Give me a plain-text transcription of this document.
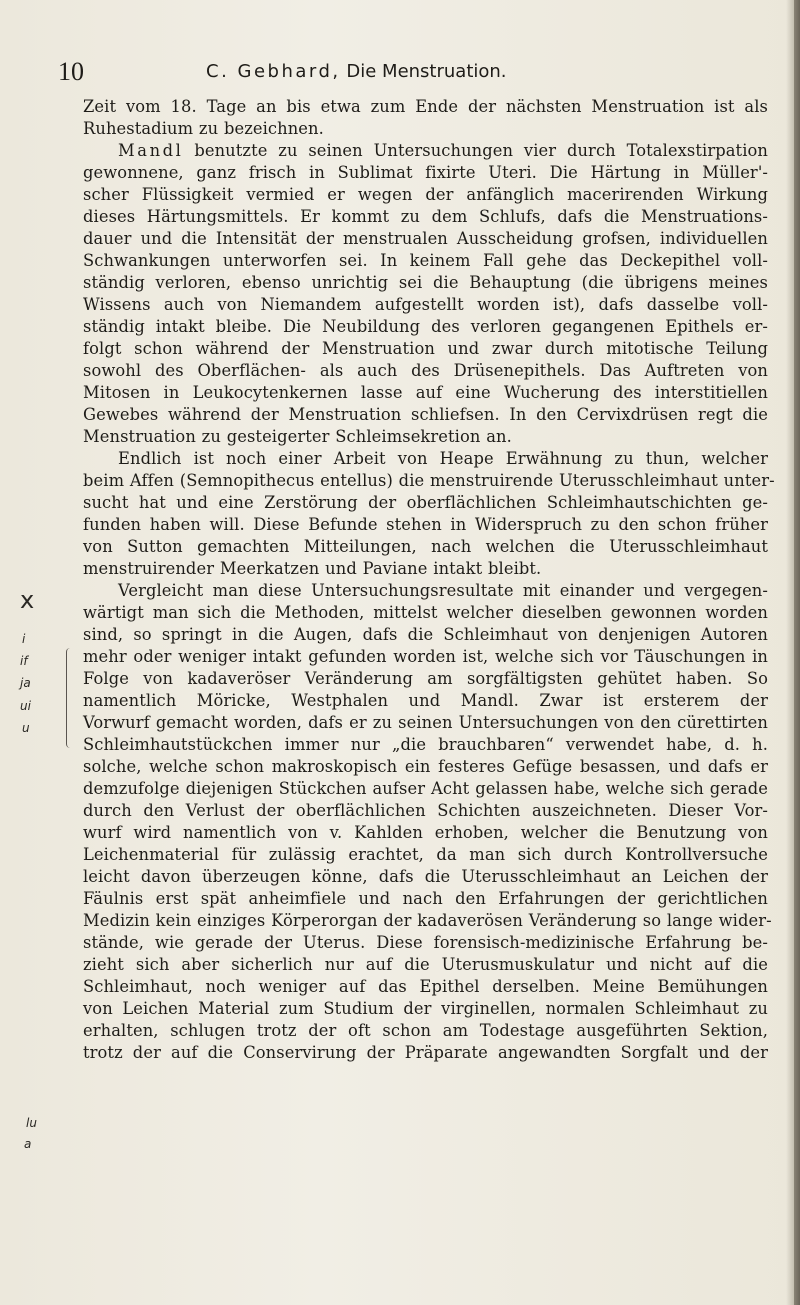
10	C. Gebhard, Die Menstruation.
Zeit vom 18. Tage an bis etwa zum Ende der nächsten Menstruation ist als
Ruhestadium zu bezeichnen.
Mandl benutzte zu seinen Untersuchungen vier durch Totalexstirpation
gewonnene, ganz frisch in Sublimat fixirte Uteri. Die Härtung in Müller'-
scher Flüssigkeit vermied er wegen der anfänglich macerirenden Wirkung
dieses Härtungsmittels. Er kommt zu dem Schlufs, dafs die Menstruations-
dauer und die Intensität der menstrualen Ausscheidung grofsen, individuellen
Schwankungen unterworfen sei. In keinem Fall gehe das Deckepithel voll-
ständig verloren, ebenso unrichtig sei die Behauptung (die übrigens meines
Wissens auch von Niemandem aufgestellt worden ist), dafs dasselbe voll-
ständig intakt bleibe. Die Neubildung des verloren gegangenen Epithels er-
folgt schon während der Menstruation und zwar durch mitotische Teilung
sowohl des Oberflächen- als auch des Drüsenepithels. Das Auftreten von
Mitosen in Leukocytenkernen lasse auf eine Wucherung des interstitiellen
Gewebes während der Menstruation schliefsen. In den Cervixdrüsen regt die
Menstruation zu gesteigerter Schleimsekretion an.
Endlich ist noch einer Arbeit von Heape Erwähnung zu thun, welcher
beim Affen (Semnopithecus entellus) die menstruirende Uterusschleimhaut unter-
sucht hat und eine Zerstörung der oberflächlichen Schleimhautschichten ge-
funden haben will. Diese Befunde stehen in Widerspruch zu den schon früher
von Sutton gemachten Mitteilungen, nach welchen die Uterusschleimhaut
menstruirender Meerkatzen und Paviane intakt bleibt.
Vergleicht man diese Untersuchungsresultate mit einander und vergegen-
wärtigt man sich die Methoden, mittelst welcher dieselben gewonnen worden
sind, so springt in die Augen, dafs die Schleimhaut von denjenigen Autoren
mehr oder weniger intakt gefunden worden ist, welche sich vor Täuschungen in
Folge von kadaveröser Veränderung am sorgfältigsten gehütet haben. So
namentlich Möricke, Westphalen und Mandl. Zwar ist ersterem der
Vorwurf gemacht worden, dafs er zu seinen Untersuchungen von den cürettirten
Schleimhautstückchen immer nur „die brauchbaren“ verwendet habe, d. h.
solche, welche schon makroskopisch ein festeres Gefüge besassen, und dafs er
demzufolge diejenigen Stückchen aufser Acht gelassen habe, welche sich gerade
durch den Verlust der oberflächlichen Schichten auszeichneten. Dieser Vor-
wurf wird namentlich von v. Kahlden erhoben, welcher die Benutzung von
Leichenmaterial für zulässig erachtet, da man sich durch Kontrollversuche
leicht davon überzeugen könne, dafs die Uterusschleimhaut an Leichen der
Fäulnis erst spät anheimfiele und nach den Erfahrungen der gerichtlichen
Medizin kein einziges Körperorgan der kadaverösen Veränderung so lange wider-
stände, wie gerade der Uterus. Diese forensisch-medizinische Erfahrung be-
zieht sich aber sicherlich nur auf die Uterusmuskulatur und nicht auf die
Schleimhaut, noch weniger auf das Epithel derselben. Meine Bemühungen
von Leichen Material zum Studium der virginellen, normalen Schleimhaut zu
erhalten, schlugen trotz der oft schon am Todestage ausgeführten Sektion,
trotz der auf die Conservirung der Präparate angewandten Sorgfalt und der
x
i
if
ja
ui
u
lu
a
